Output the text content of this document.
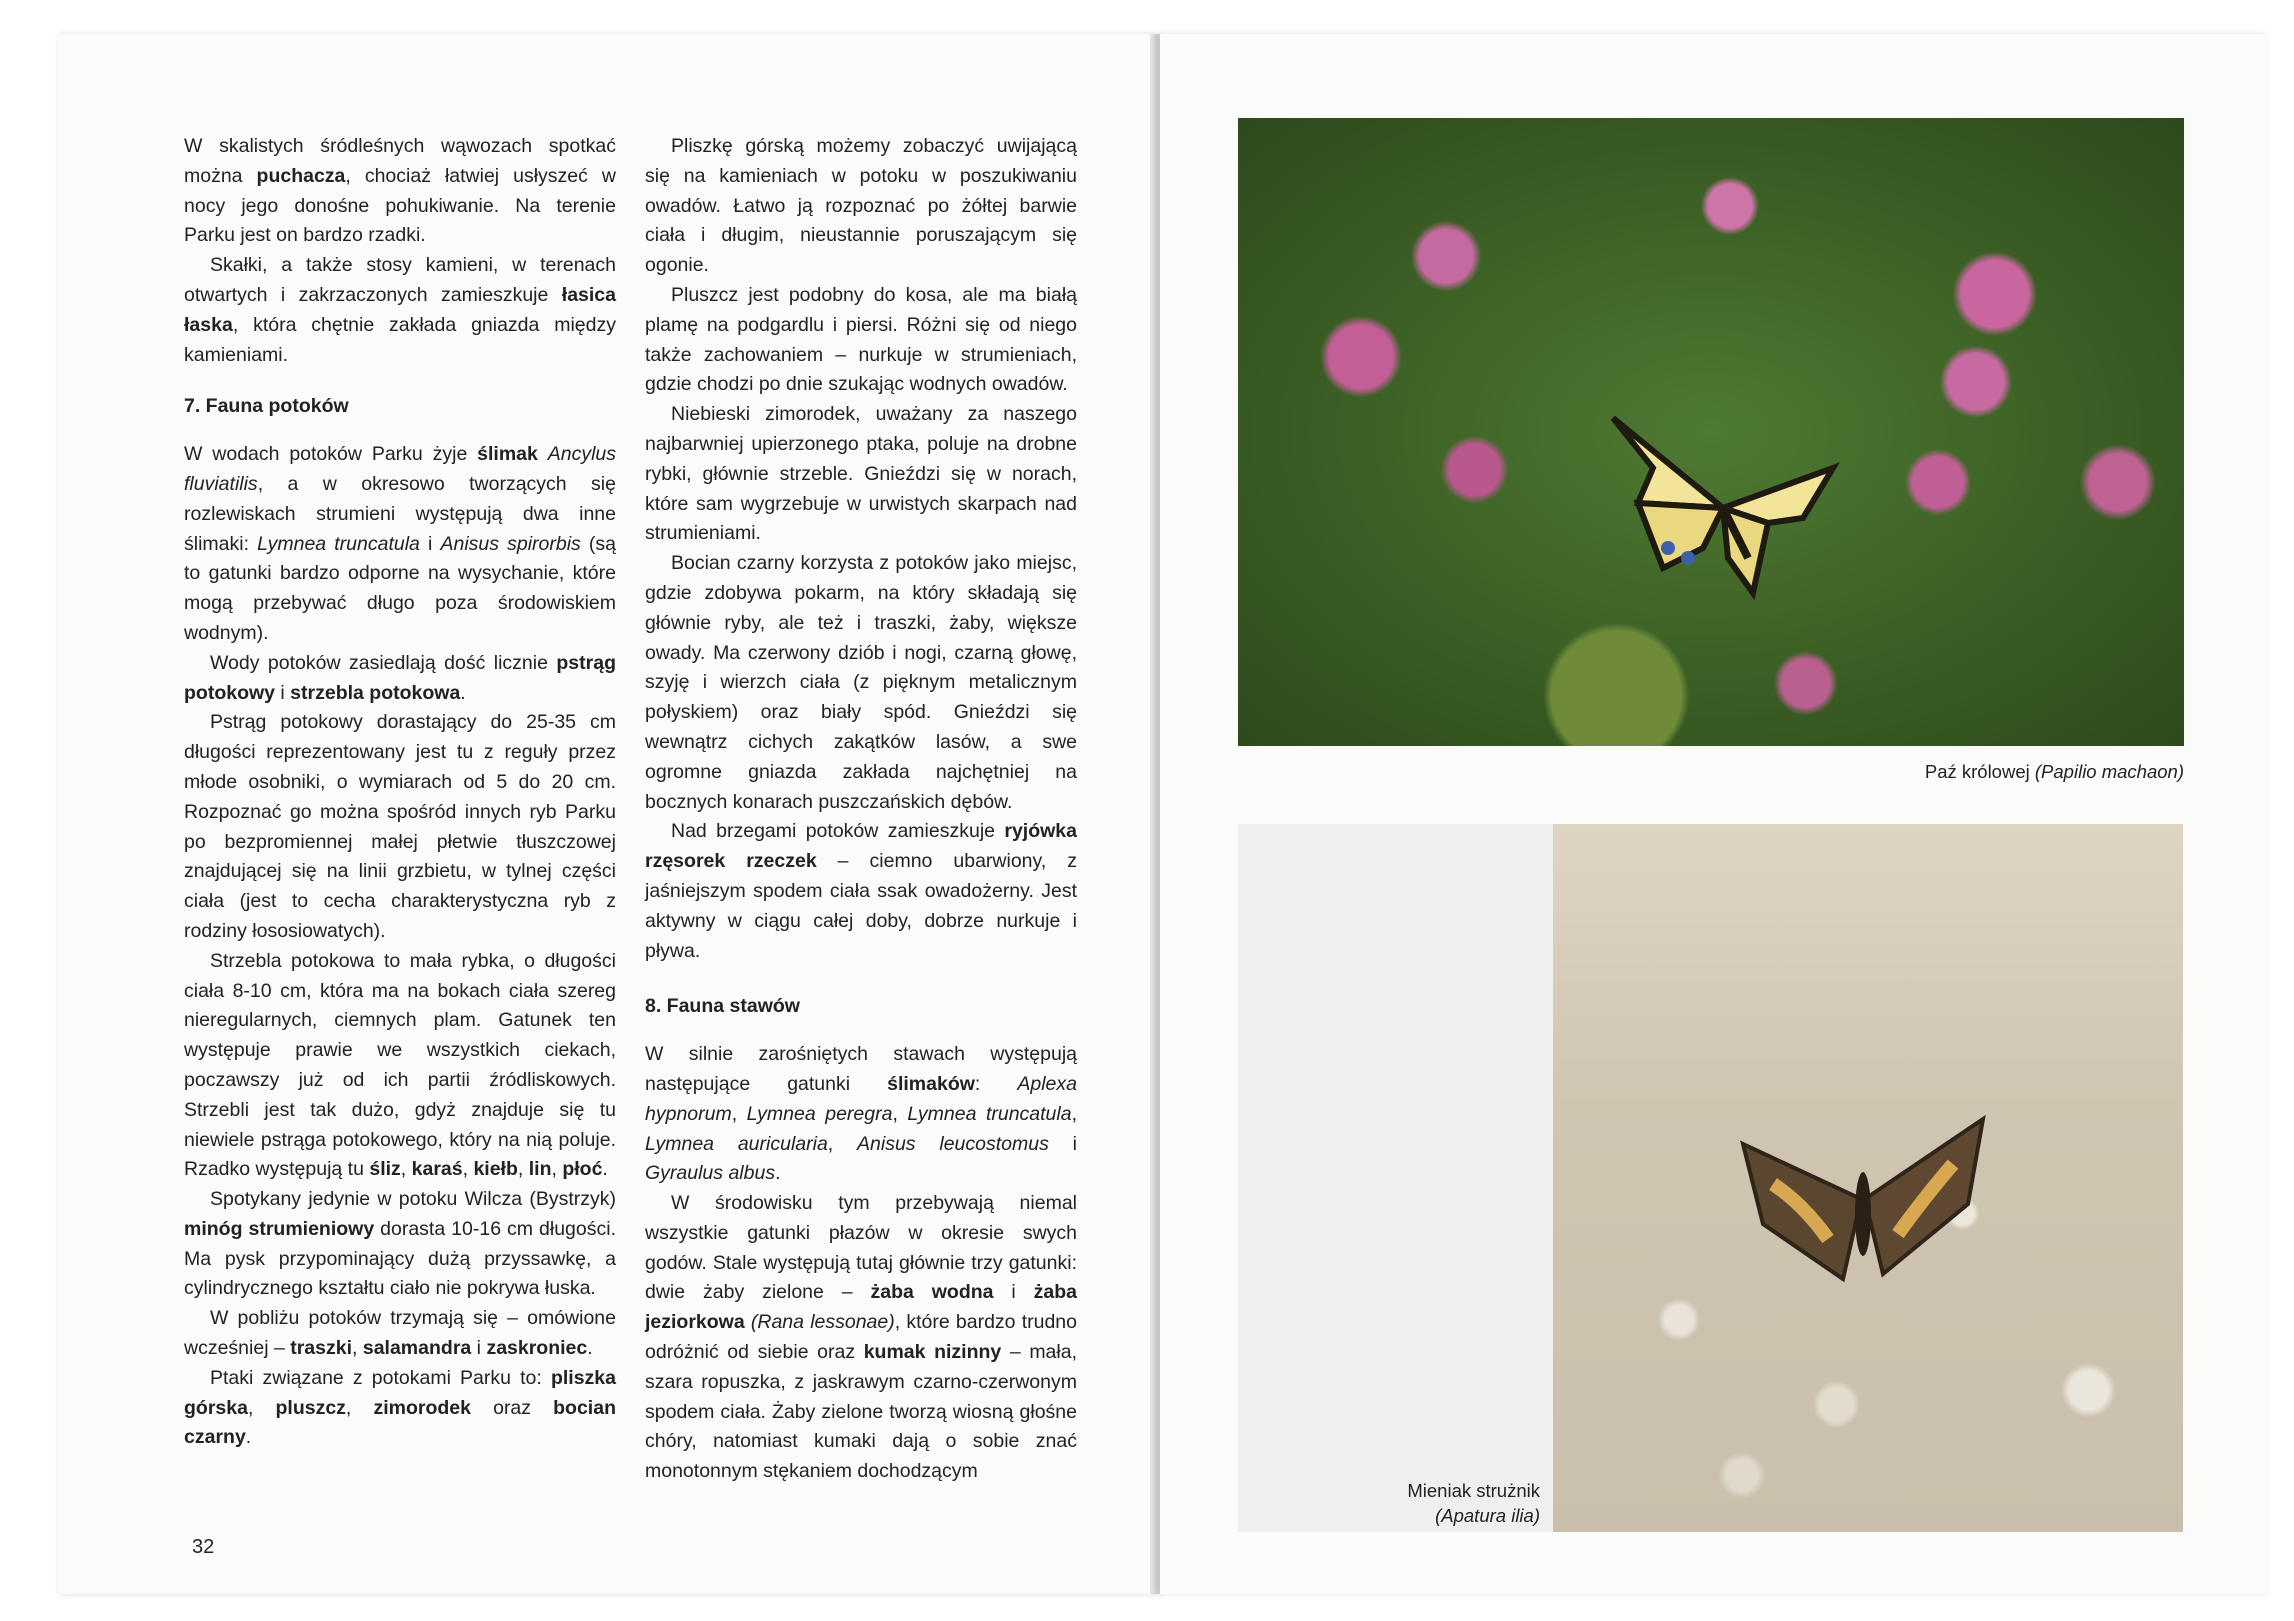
W skalistych śródleśnych wąwozach spotkać można puchacza, chociaż łatwiej usłyszeć w nocy jego donośne pohukiwanie. Na terenie Parku jest on bardzo rzadki.

Skałki, a także stosy kamieni, w terenach otwartych i zakrzaczonych zamieszkuje łasica łaska, która chętnie zakłada gniazda między kamieniami.

7. Fauna potoków

W wodach potoków Parku żyje ślimak Ancylus fluviatilis, a w okresowo tworzących się rozlewiskach strumieni występują dwa inne ślimaki: Lymnea truncatula i Anisus spirorbis (są to gatunki bardzo odporne na wysychanie, które mogą przebywać długo poza środowiskiem wodnym).

Wody potoków zasiedlają dość licznie pstrąg potokowy i strzebla potokowa.

Pstrąg potokowy dorastający do 25-35 cm długości reprezentowany jest tu z reguły przez młode osobniki, o wymiarach od 5 do 20 cm. Rozpoznać go można spośród innych ryb Parku po bezpromiennej małej płetwie tłuszczowej znajdującej się na linii grzbietu, w tylnej części ciała (jest to cecha charakterystyczna ryb z rodziny łososiowatych).

Strzebla potokowa to mała rybka, o długości ciała 8-10 cm, która ma na bokach ciała szereg nieregularnych, ciemnych plam. Gatunek ten występuje prawie we wszystkich ciekach, poczawszy już od ich partii źródliskowych. Strzebli jest tak dużo, gdyż znajduje się tu niewiele pstrąga potokowego, który na nią poluje. Rzadko występują tu śliz, karaś, kiełb, lin, płoć.

Spotykany jedynie w potoku Wilcza (Bystrzyk) minóg strumieniowy dorasta 10-16 cm długości. Ma pysk przypominający dużą przyssawkę, a cylindrycznego kształtu ciało nie pokrywa łuska.

W pobliżu potoków trzymają się – omówione wcześniej – traszki, salamandra i zaskroniec.

Ptaki związane z potokami Parku to: pliszka górska, pluszcz, zimorodek oraz bocian czarny.

Pliszkę górską możemy zobaczyć uwijającą się na kamieniach w potoku w poszukiwaniu owadów. Łatwo ją rozpoznać po żółtej barwie ciała i długim, nieustannie poruszającym się ogonie.

Pluszcz jest podobny do kosa, ale ma białą plamę na podgardlu i piersi. Różni się od niego także zachowaniem – nurkuje w strumieniach, gdzie chodzi po dnie szukając wodnych owadów.

Niebieski zimorodek, uważany za naszego najbarwniej upierzonego ptaka, poluje na drobne rybki, głównie strzeble. Gnieździ się w norach, które sam wygrzebuje w urwistych skarpach nad strumieniami.

Bocian czarny korzysta z potoków jako miejsc, gdzie zdobywa pokarm, na który składają się głównie ryby, ale też i traszki, żaby, większe owady. Ma czerwony dziób i nogi, czarną głowę, szyję i wierzch ciała (z pięknym metalicznym połyskiem) oraz biały spód. Gnieździ się wewnątrz cichych zakątków lasów, a swe ogromne gniazda zakłada najchętniej na bocznych konarach puszczańskich dębów.

Nad brzegami potoków zamieszkuje ryjówka rzęsorek rzeczek – ciemno ubarwiony, z jaśniejszym spodem ciała ssak owadożerny. Jest aktywny w ciągu całej doby, dobrze nurkuje i pływa.

8. Fauna stawów

W silnie zarośniętych stawach występują następujące gatunki ślimaków: Aplexa hypnorum, Lymnea peregra, Lymnea truncatula, Lymnea auricularia, Anisus leucostomus i Gyraulus albus.

W środowisku tym przebywają niemal wszystkie gatunki płazów w okresie swych godów. Stale występują tutaj głównie trzy gatunki: dwie żaby zielone – żaba wodna i żaba jeziorkowa (Rana lessonae), które bardzo trudno odróżnić od siebie oraz kumak nizinny – mała, szara ropuszka, z jaskrawym czarno-czerwonym spodem ciała. Żaby zielone tworzą wiosną głośne chóry, natomiast kumaki dają o sobie znać monotonnym stękaniem dochodzącym

32
Paź królowej (Papilio machaon)
Mieniak strużnik
(Apatura ilia)
